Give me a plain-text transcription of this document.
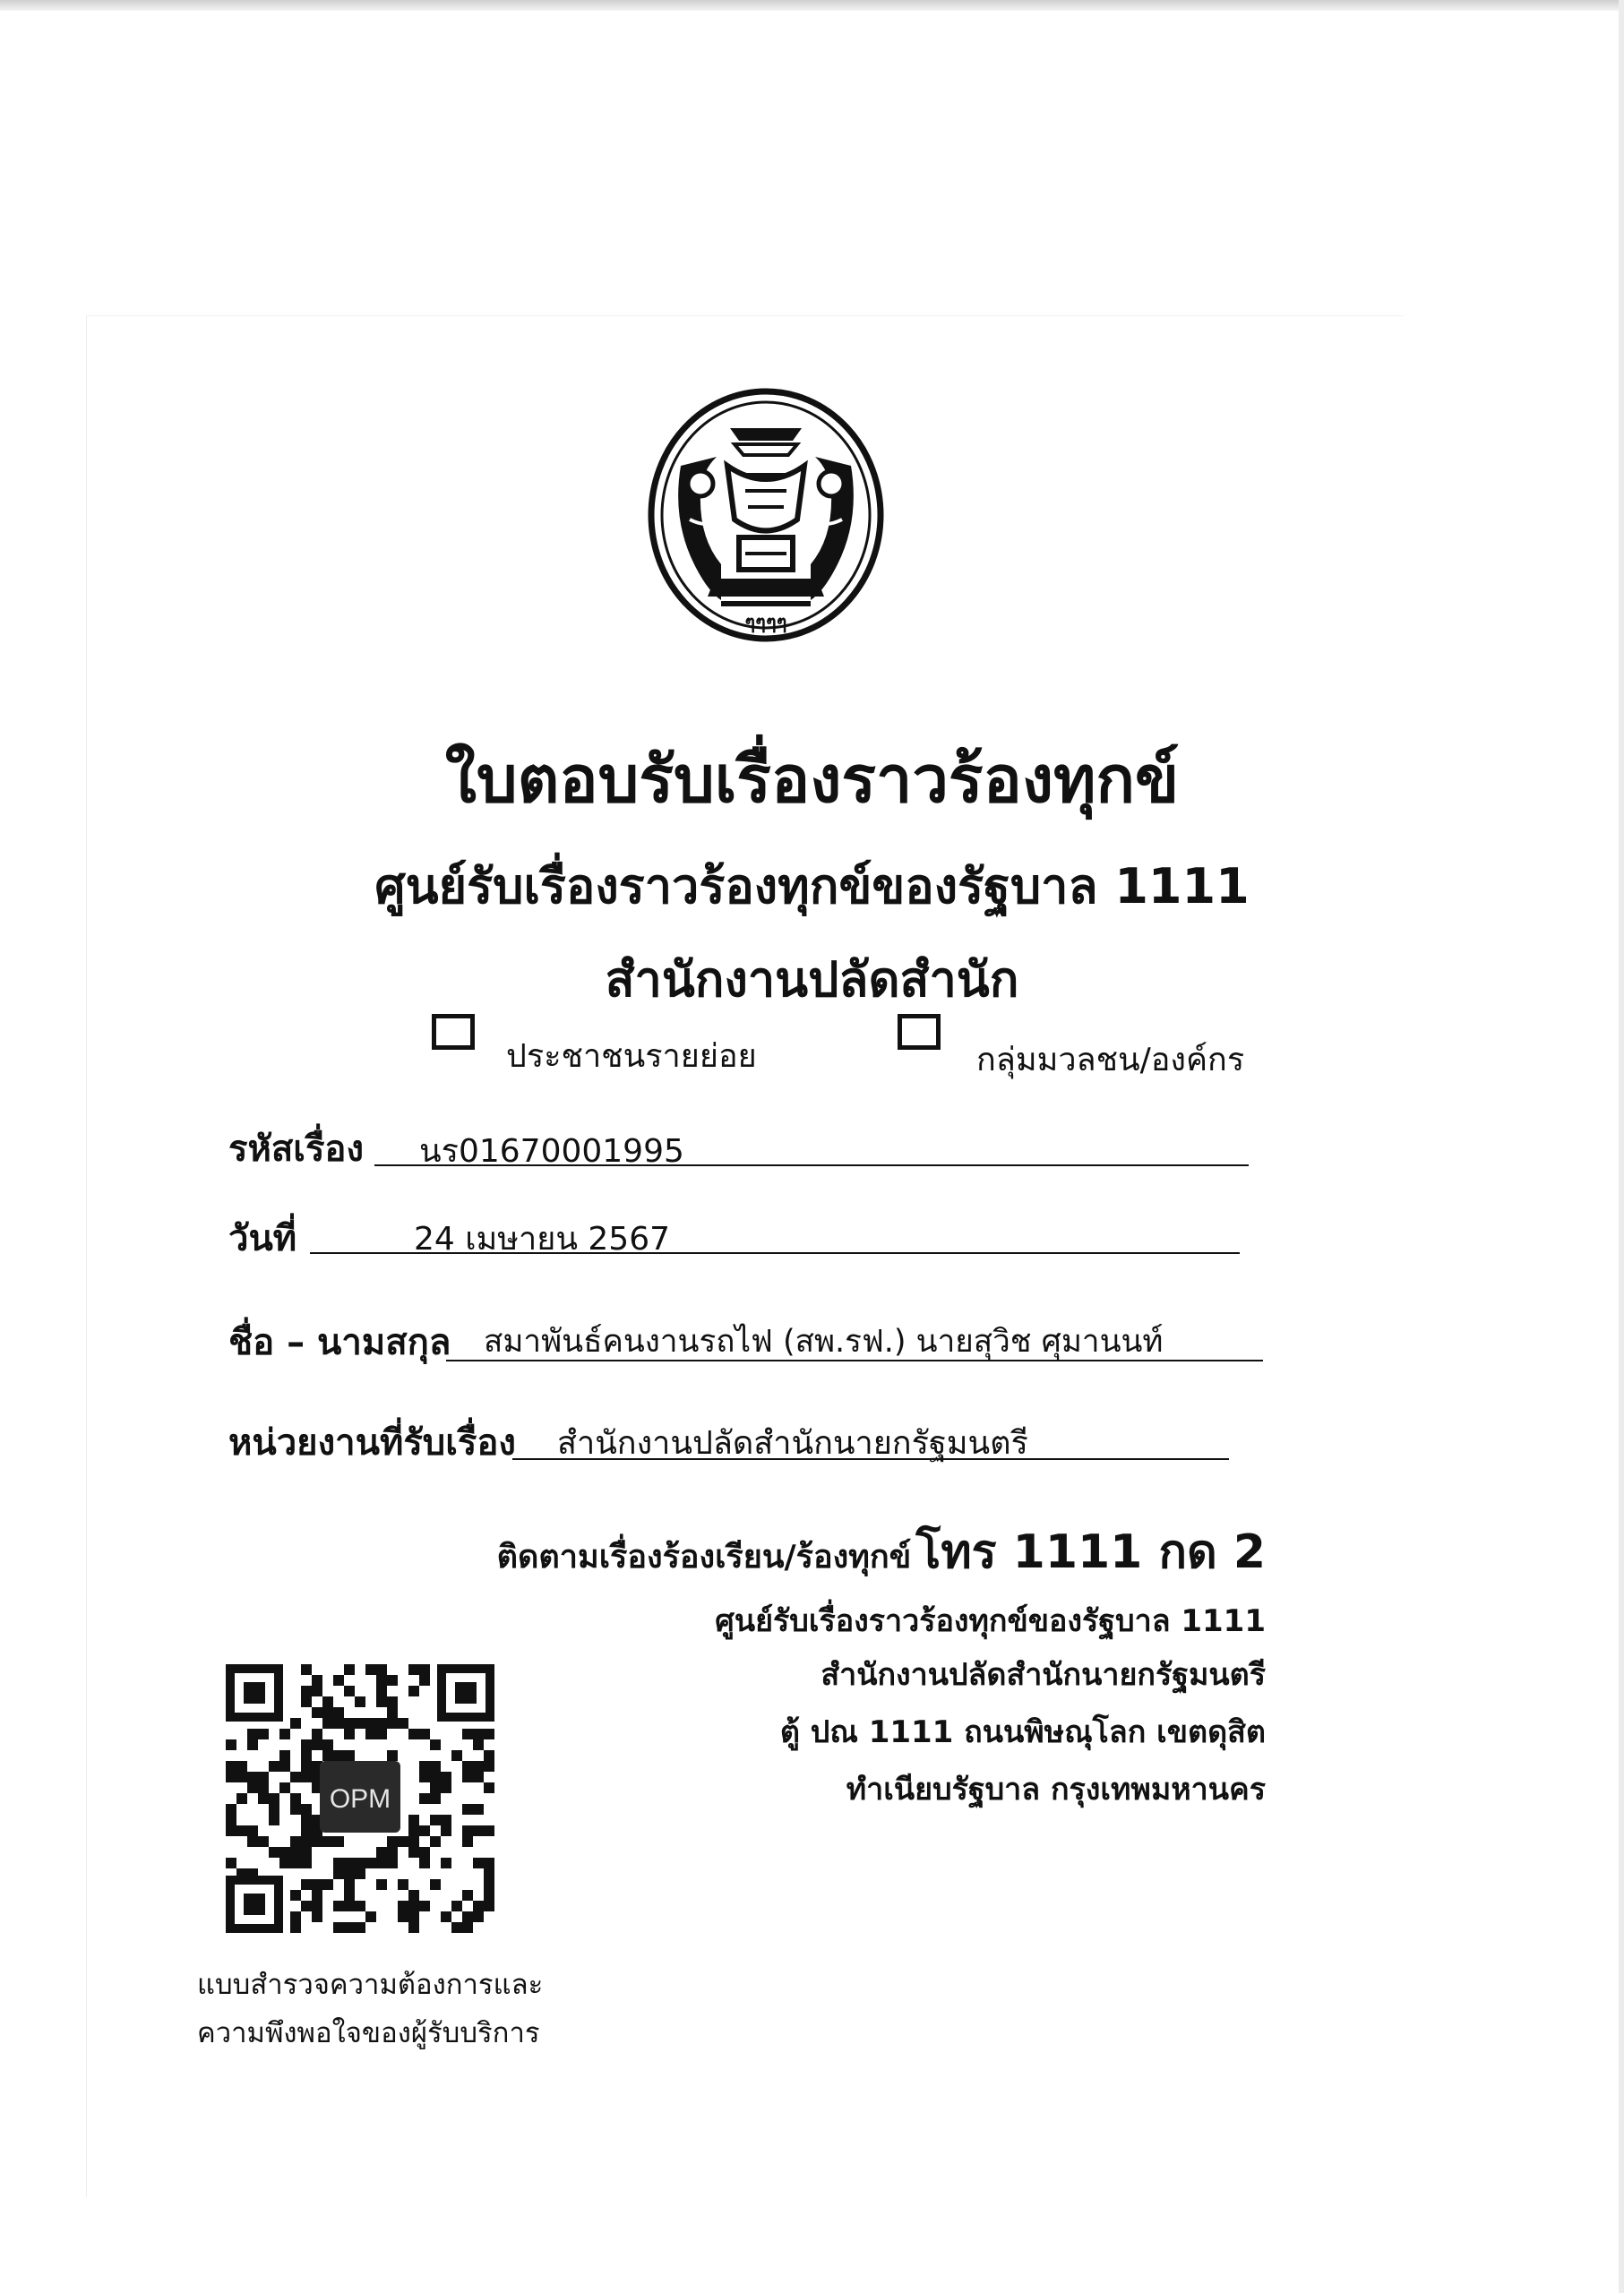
ๆๆๆๆ
ใบตอบรับเรื่องราวร้องทุกข์
ศูนย์รับเรื่องราวร้องทุกข์ของรัฐบาล 1111
สำนักงานปลัดสำนัก
ประชาชนรายย่อย	กลุ่มมวลชน/องค์กร
รหัสเรื่อง นร01670001995
วันที่	24 เมษายน 2567
ชื่อ – นามสกุล สมาพันธ์คนงานรถไฟ (สพ.รฟ.) นายสุวิช ศุมานนท์
หน่วยงานที่รับเรื่อง สำนักงานปลัดสำนักนายกรัฐมนตรี
ติดตามเรื่องร้องเรียน/ร้องทุกข์ โทร 1111 กด 2
ศูนย์รับเรื่องราวร้องทุกข์ของรัฐบาล 1111
สำนักงานปลัดสำนักนายกรัฐมนตรี
ตู้ ปณ 1111 ถนนพิษณุโลก เขตดุสิต
ทำเนียบรัฐบาล กรุงเทพมหานคร
OPM
แบบสำรวจความต้องการและ
ความพึงพอใจของผู้รับบริการ
